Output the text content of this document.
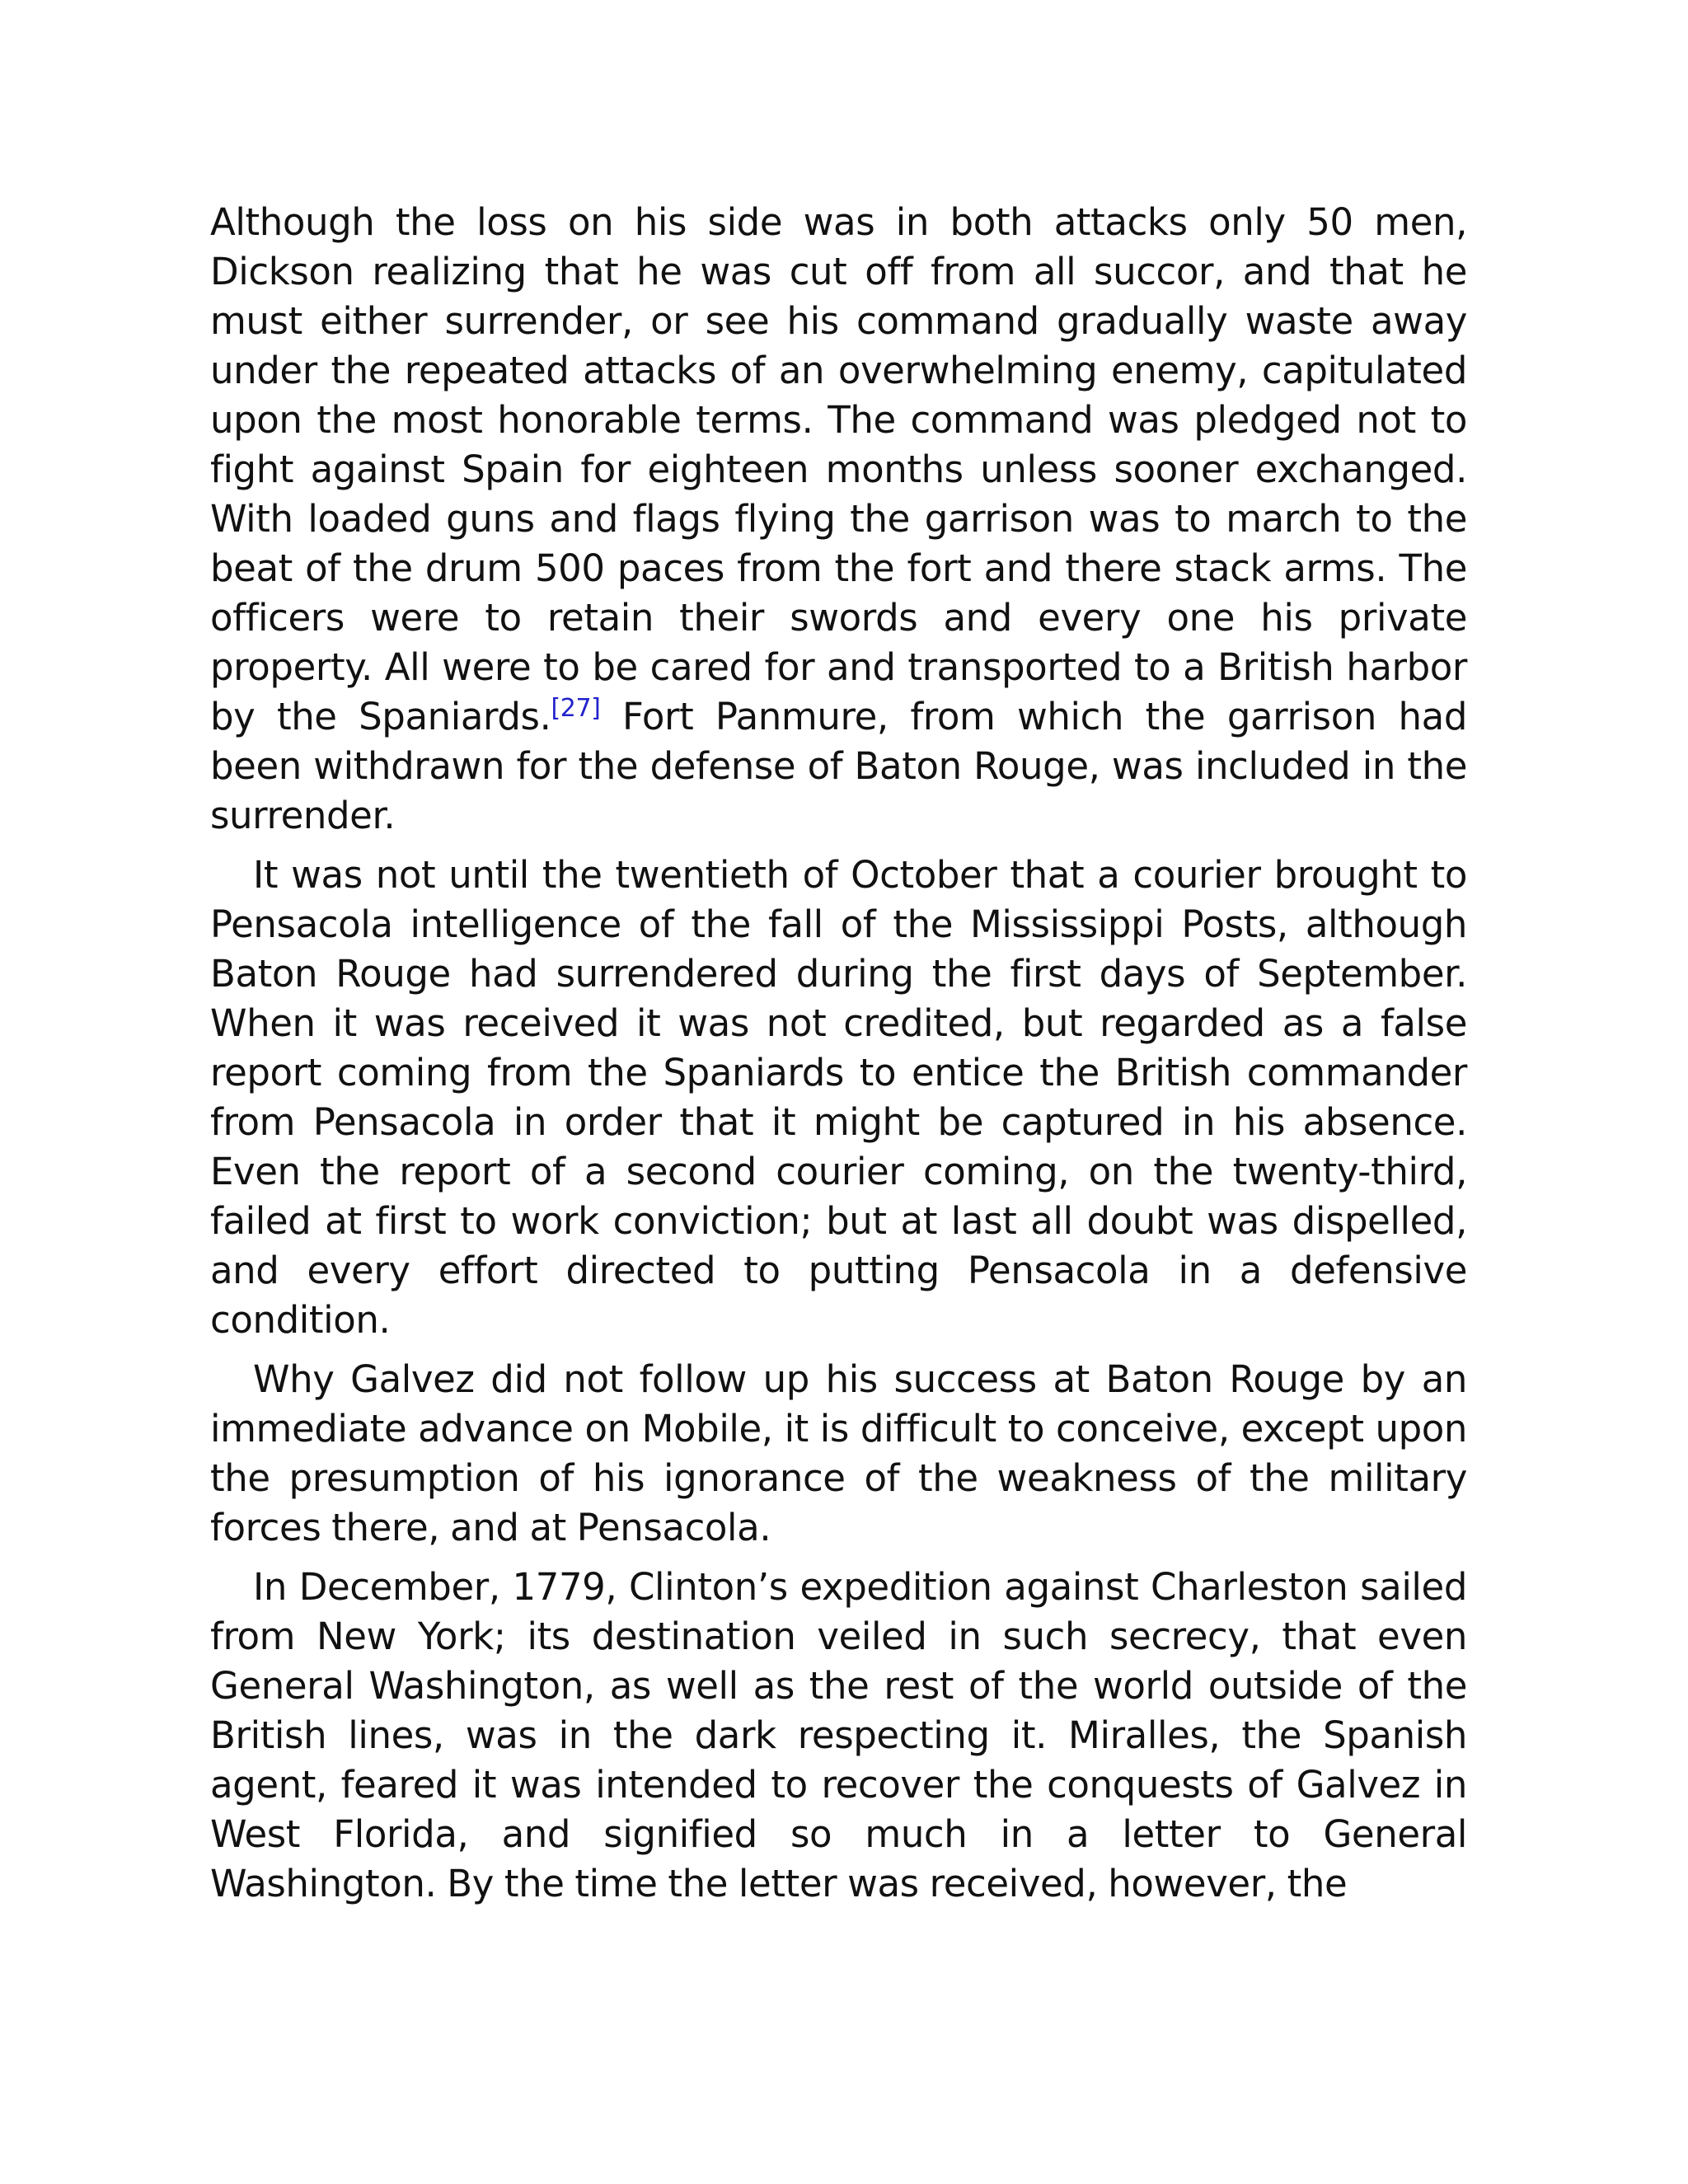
Although the loss on his side was in both attacks only 50 men, Dickson realizing that he was cut off from all succor, and that he must either surrender, or see his command gradually waste away under the repeated attacks of an overwhelming enemy, capitulated upon the most honorable terms. The command was pledged not to fight against Spain for eighteen months unless sooner exchanged. With loaded guns and flags flying the garrison was to march to the beat of the drum 500 paces from the fort and there stack arms. The officers were to retain their swords and every one his private property. All were to be cared for and transported to a British harbor by the Spaniards.[27] Fort Panmure, from which the garrison had been withdrawn for the defense of Baton Rouge, was included in the surrender.

It was not until the twentieth of October that a courier brought to Pensacola intelligence of the fall of the Mississippi Posts, although Baton Rouge had surrendered during the first days of September. When it was received it was not credited, but regarded as a false report coming from the Spaniards to entice the British commander from Pensacola in order that it might be captured in his absence. Even the report of a second courier coming, on the twenty-third, failed at first to work conviction; but at last all doubt was dispelled, and every effort directed to putting Pensacola in a defensive condition.

Why Galvez did not follow up his success at Baton Rouge by an immediate advance on Mobile, it is difficult to conceive, except upon the presumption of his ignorance of the weakness of the military forces there, and at Pensacola.

In December, 1779, Clinton’s expedition against Charleston sailed from New York; its destination veiled in such secrecy, that even General Washington, as well as the rest of the world outside of the British lines, was in the dark respecting it. Miralles, the Spanish agent, feared it was intended to recover the conquests of Galvez in West Florida, and signified so much in a letter to General Washington. By the time the letter was received, however, the
